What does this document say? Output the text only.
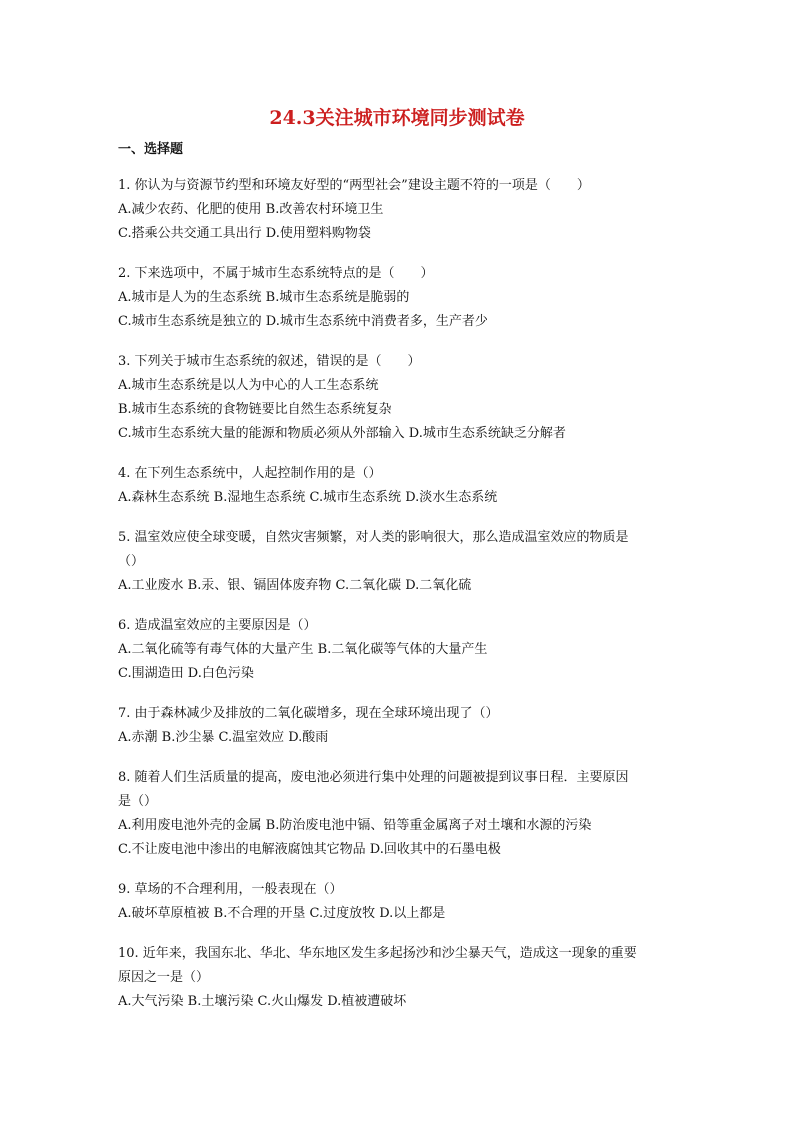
24.3关注城市环境同步测试卷
一、选择题
1. 你认为与资源节约型和环境友好型的“两型社会”建设主题不符的一项是（　　）
A.减少农药、化肥的使用 B.改善农村环境卫生
C.搭乘公共交通工具出行 D.使用塑料购物袋
2. 下来选项中，不属于城市生态系统特点的是（　　）
A.城市是人为的生态系统 B.城市生态系统是脆弱的
C.城市生态系统是独立的 D.城市生态系统中消费者多，生产者少
3. 下列关于城市生态系统的叙述，错误的是（　　）
A.城市生态系统是以人为中心的人工生态系统
B.城市生态系统的食物链要比自然生态系统复杂
C.城市生态系统大量的能源和物质必须从外部输入 D.城市生态系统缺乏分解者
4. 在下列生态系统中，人起控制作用的是（）
A.森林生态系统 B.湿地生态系统 C.城市生态系统 D.淡水生态系统
5. 温室效应使全球变暖，自然灾害频繁，对人类的影响很大，那么造成温室效应的物质是
（）
A.工业废水 B.汞、银、镉固体废弃物 C.二氧化碳 D.二氧化硫
6. 造成温室效应的主要原因是（）
A.二氧化硫等有毒气体的大量产生 B.二氧化碳等气体的大量产生
C.围湖造田 D.白色污染
7. 由于森林减少及排放的二氧化碳增多，现在全球环境出现了（）
A.赤潮 B.沙尘暴 C.温室效应 D.酸雨
8. 随着人们生活质量的提高，废电池必须进行集中处理的问题被提到议事日程．主要原因
是（）
A.利用废电池外壳的金属 B.防治废电池中镉、铅等重金属离子对土壤和水源的污染
C.不让废电池中渗出的电解液腐蚀其它物品 D.回收其中的石墨电极
9. 草场的不合理利用，一般表现在（）
A.破坏草原植被 B.不合理的开垦 C.过度放牧 D.以上都是
10. 近年来，我国东北、华北、华东地区发生多起扬沙和沙尘暴天气，造成这一现象的重要
原因之一是（）
A.大气污染 B.土壤污染 C.火山爆发 D.植被遭破坏
